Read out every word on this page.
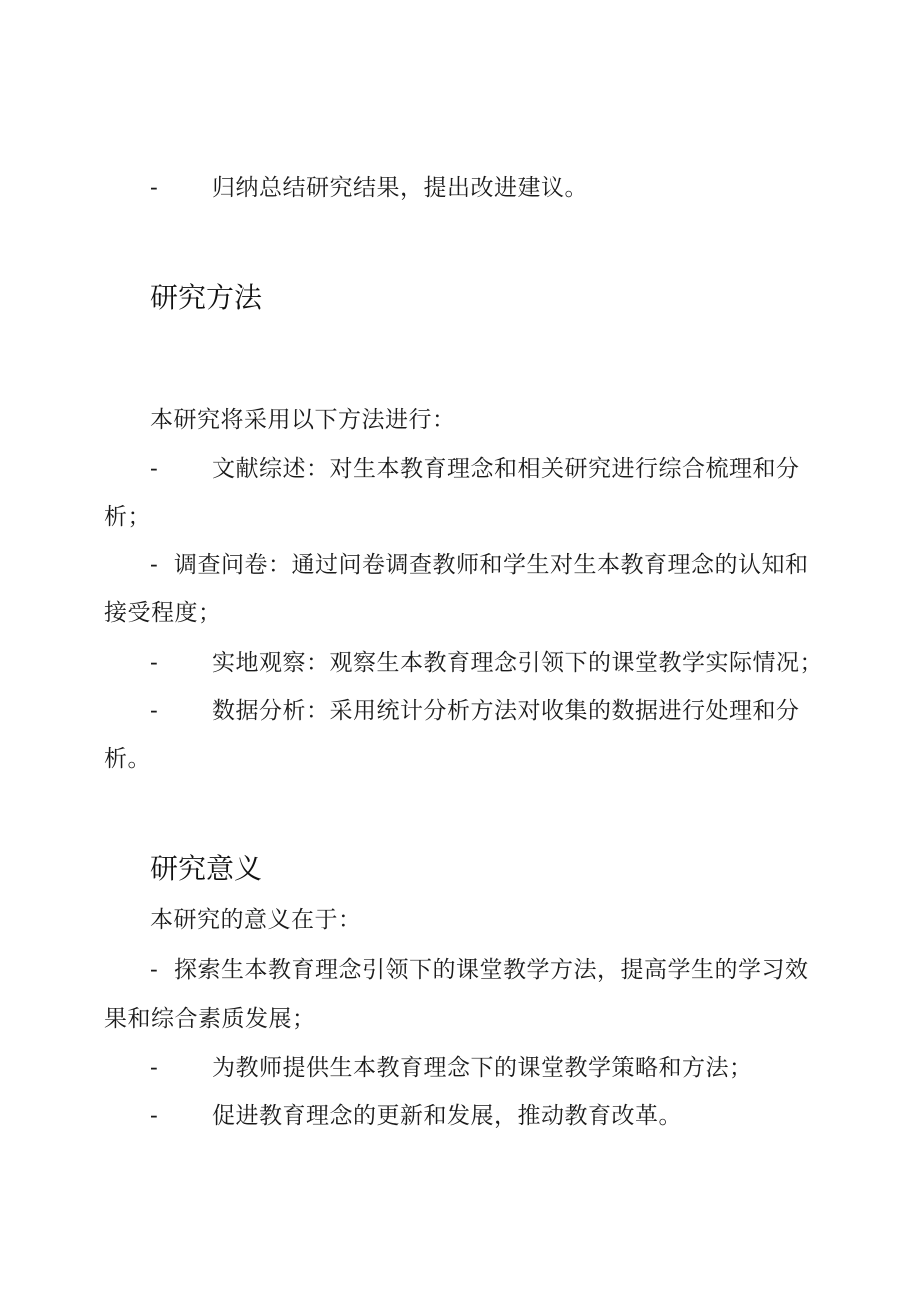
- 归纳总结研究结果，提出改进建议。
研究方法
本研究将采用以下方法进行：
- 文献综述：对生本教育理念和相关研究进行综合梳理和分
析；
- 调查问卷：通过问卷调查教师和学生对生本教育理念的认知和
接受程度；
- 实地观察：观察生本教育理念引领下的课堂教学实际情况；
- 数据分析：采用统计分析方法对收集的数据进行处理和分
析。
研究意义
本研究的意义在于：
- 探索生本教育理念引领下的课堂教学方法，提高学生的学习效
果和综合素质发展；
- 为教师提供生本教育理念下的课堂教学策略和方法；
- 促进教育理念的更新和发展，推动教育改革。
